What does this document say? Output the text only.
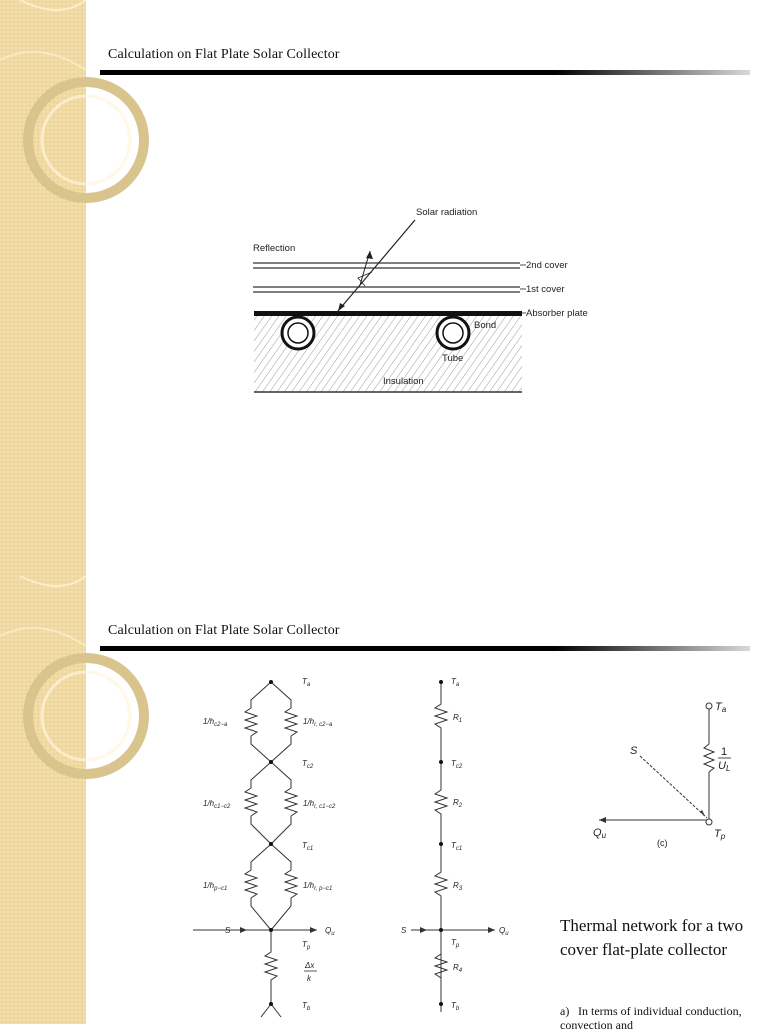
Calculation on Flat Plate Solar Collector
Solar radiation
Reflection
2nd cover
1st cover
Absorber plate
Bond
Tube
Insulation
Calculation on Flat Plate Solar Collector
$T_a$
$1/h_{c2-a}$	$1/h_{r, c2-a}$
$T_{c2}$
$1/h_{c1-c2}$	$1/h_{r, c1-c2}$
$T_{c1}$
$1/h_{p-c1}$	$1/h_{r, p-c1}$
S	$Q_u$
$T_p$
Δx
k
$T_b$
$T_a$
$R_1$
$T_{c2}$
$R_2$
$T_{c1}$
$R_3$
S	$Q_u$
$T_p$
$R_4$
$T_b$
Ta
S	1
UL
Qu	Tp
(c)
Thermal network for a two cover flat-plate collector
a) In terms of individual conduction, convection and
